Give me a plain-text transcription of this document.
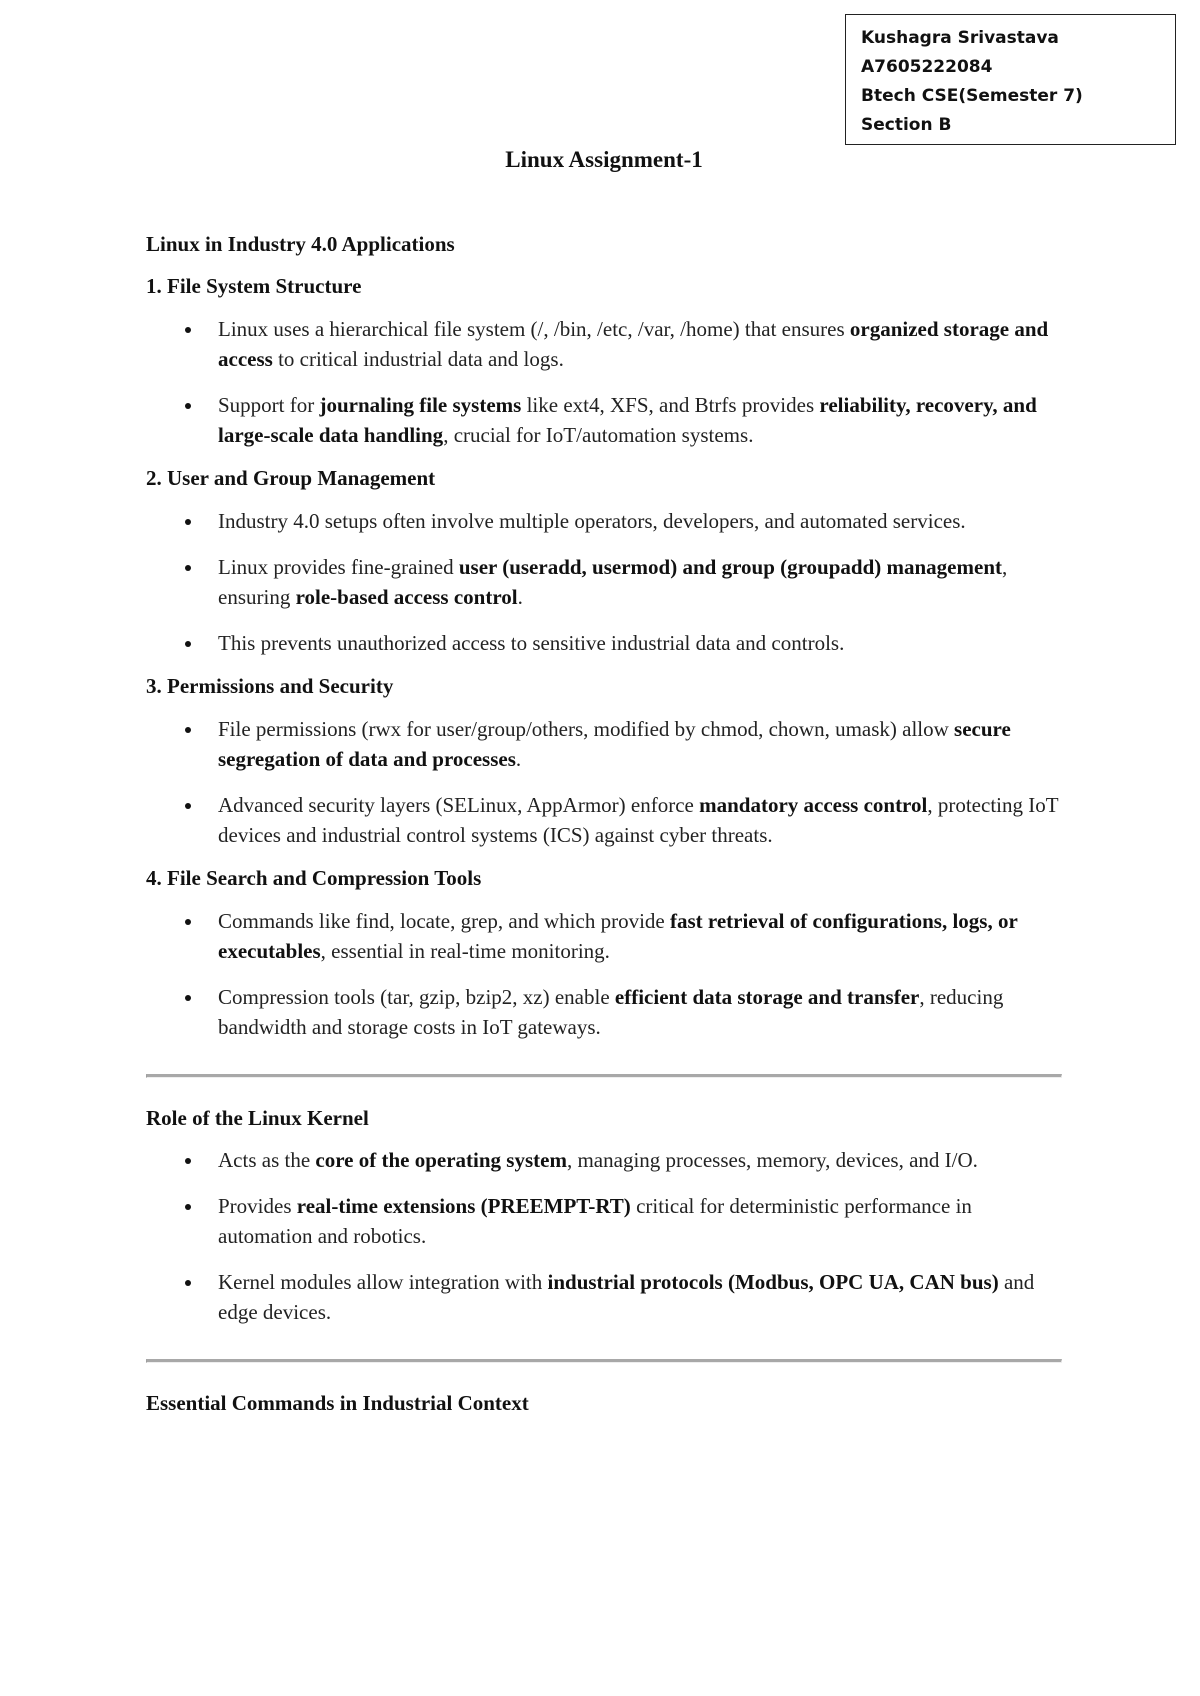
Kushagra Srivastava
A7605222084
Btech CSE(Semester 7)
Section B
Linux Assignment-1

Linux in Industry 4.0 Applications

1. File System Structure

Linux uses a hierarchical file system (/, /bin, /etc, /var, /home) that ensures organized storage and access to critical industrial data and logs.
Support for journaling file systems like ext4, XFS, and Btrfs provides reliability, recovery, and large-scale data handling, crucial for IoT/automation systems.

2. User and Group Management

Industry 4.0 setups often involve multiple operators, developers, and automated services.
Linux provides fine-grained user (useradd, usermod) and group (groupadd) management, ensuring role-based access control.
This prevents unauthorized access to sensitive industrial data and controls.

3. Permissions and Security

File permissions (rwx for user/group/others, modified by chmod, chown, umask) allow secure segregation of data and processes.
Advanced security layers (SELinux, AppArmor) enforce mandatory access control, protecting IoT devices and industrial control systems (ICS) against cyber threats.

4. File Search and Compression Tools

Commands like find, locate, grep, and which provide fast retrieval of configurations, logs, or executables, essential in real-time monitoring.
Compression tools (tar, gzip, bzip2, xz) enable efficient data storage and transfer, reducing bandwidth and storage costs in IoT gateways.

Role of the Linux Kernel

Acts as the core of the operating system, managing processes, memory, devices, and I/O.
Provides real-time extensions (PREEMPT-RT) critical for deterministic performance in automation and robotics.
Kernel modules allow integration with industrial protocols (Modbus, OPC UA, CAN bus) and edge devices.

Essential Commands in Industrial Context
